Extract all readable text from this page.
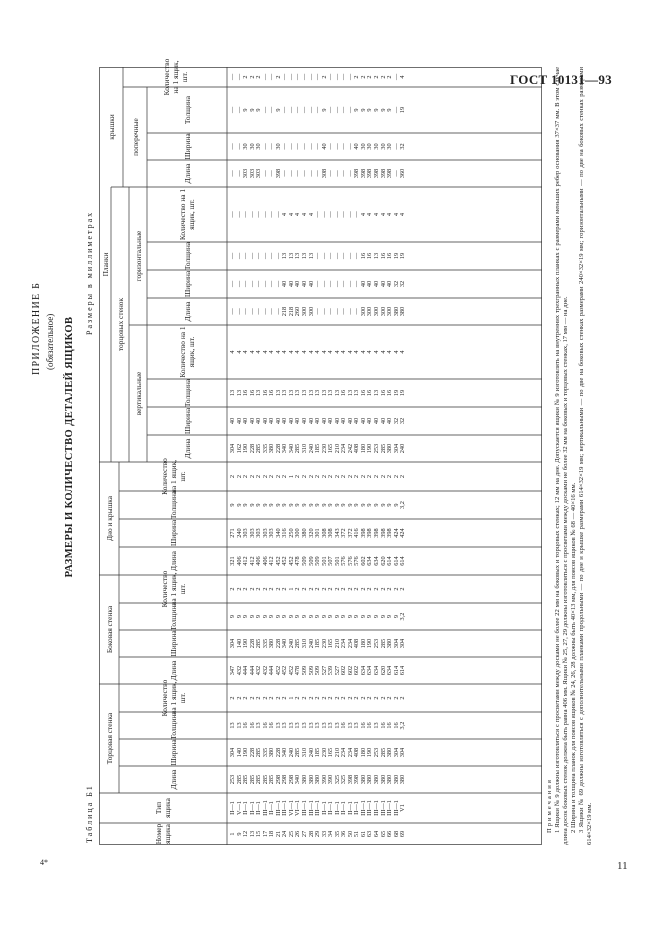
ГОСТ 10131—93
ПРИЛОЖЕНИЕ Б (обязательное) РАЗМЕРЫ И КОЛИЧЕСТВО ДЕТАЛЕЙ ЯЩИКОВ
Таблица Б1
Размеры в миллиметрах
Номер ящика
Тип ящика
Торцовая стенка
Длина
Ширина
Толщина
Количество на 1 ящик, шт.
Боковая стенка
Длина
Ширина
Толщина
Количество на 1 ящик, шт.
Дно и крышка
Длина
Ширина
Толщина
Количество на 1 ящик, шт.
Планки
торцовых стенок
вертикальные
горизонтальные
Длина
Ширина
Толщина
Количество на 1 ящик, шт.
Длина
Ширина
Толщина
Количество на 1 ящик, шт.
крышки	поперечные
Длина
Ширина
Толщина
Количество на 1 ящик, шт.
1
9
12
13
15
17
18
21
24
25
26
27
28
29
33
34
35
36
50
51
61
63
64
65
66
68
69
II—1
V—1
II—1
II—1
II—1
III—1
II—1
III—1
III—1
VI—1
VI—1
III—1
III—1
III—1
II—1
II—1
II—1
II—1
II—1
II—1
III—1
III—1
III—1
III—1
III—1
III—1
V1
253
285
285
285
285
285
285
298
298
298
340
380
380
380
390
390
325
325
398
398
380
380
380
380
380
380
380
304
140
190
228
285
335
380
228
340
240
285
310
240
185
230
165
210
234
234
408
180
190
253
285
380
304
304
13
13
16
16
13
16
16
13
13
13
13
13
13
13
13
13
13
16
13
13
16
16
13
16
16
16
3,2
2
2
2
2
2
2
2
2
2
1
2
2
2
2
2
2
2
2
2
2
2
2
2
2
2
2
2
347
432
444
444
432
432
444
452
452
452
478
509
509
509
527
539
527
602
602
602
634
634
634
620
634
614
614
304
140
190
228
285
335
380
228
340
240
285
310
240
185
230
165
210
234
234
408
180
190
253
285
380
304
304
9
9
9
9
9
9
9
9
9
9
9
9
9
9
9
9
9
9
9
9
9
9
9
9
9
9
3,2
2
2
2
2
2
2
2
2
2
1
2
2
2
2
2
2
2
2
2
2
2
2
2
2
2
2
2
321
406
412
412
406
406
412
452
452
452
478
509
509
509
501
507
501
576
576
576
602
634
634
620
614
614
614
271
240
303
303
303
303
303
340
316
250
300
380
320
301
308
308
343
372
372
416
398
398
398
398
398
424
424
9
9
9
9
9
9
9
9
9
9
9
9
9
9
9
9
9
9
9
9
9
9
9
9
9
9
3,2
2
2
2
2
2
2
2
2
2
1
2
2
2
2
2
2
2
2
2
2
2
2
2
2
2
2
2
304
162
190
228
285
335
380
228
340
340
285
310
240
185
230
165
210
234
242
408
180
190
253
285
380
304
240
40
40
40
40
40
40
40
40
40
40
40
40
40
40
40
40
40
40
40
40
40
40
40
40
40
32
32
13
13
16
16
13
16
16
13
13
13
13
13
13
13
13
13
13
16
13
13
16
16
13
16
16
19
19
4
4
4
4
4
4
4
4
4
4
4
4
4
4
4
4
4
4
4
4
4
4
4
4
4
4
4
—
—
—
—
—
—
—
—
218
218
260
300
300
—
—
—
—
—
—
—
300
300
300
300
300
380
380
—
—
—
—
—
—
—
—
40
40
40
40
40
—
—
—
—
—
—
—
40
40
40
40
40
32
32
—
—
—
—
—
—
—
—
13
13
13
13
13
—
—
—
—
—
—
—
16
16
13
16
16
19
19
—
—
—
—
—
—
—
—
4
4
4
4
4
—
—
—
—
—
—
—
4
4
4
4
4
4
4
—
—
303
303
303
—
—
398
—
—
—
—
—
—
308
—
—
—
—
398
398
398
398
398
398
—
360
—
—
30
30
30
—
—
30
—
—
—
—
—
—
40
—
—
—
—
40
30
30
30
30
30
—
32
—
—
9
9
9
—
—
9
—
—
—
—
—
—
9
—
—
—
—
9
9
9
9
9
9
—
19
—
—
2
2
2
—
—
2
—
—
—
—
—
—
2
—
—
—
—
2
2
2
2
2
2
—
4
Примечания 1 Ящики № 9 должны изготовляться с просветами между досками не более 22 мм на боковых и торцовых стенках; 12 мм на дне. Допускается ящики № 9 изготовлять на внутренних трехгранных планках с размерами меньших ребер основания 37×37 мм. В этом случае длина досок боковых стенок должна быть равна 406 мм. Ящики № 25, 27, 29 должны изготовляться с просветами между досками не более 32 мм на боковых и торцовых стенках, 17 мм — на дне. 2 Ширина и толщина планок для поясов ящиков № 24, 26, 28 должны быть 40×13 мм, для поясов ящиков № 68 — 40×16 мм. 3 Ящики № 69 должны изготовляться с дополнительными планками продольными — по дне и крышке размерами 614×32×19 мм; вертикальными — по две на боковых стенках размерами 240×32×19 мм; горизонтальными — по две на боковых стенках размерами 614×32×19 мм.

4*	11
